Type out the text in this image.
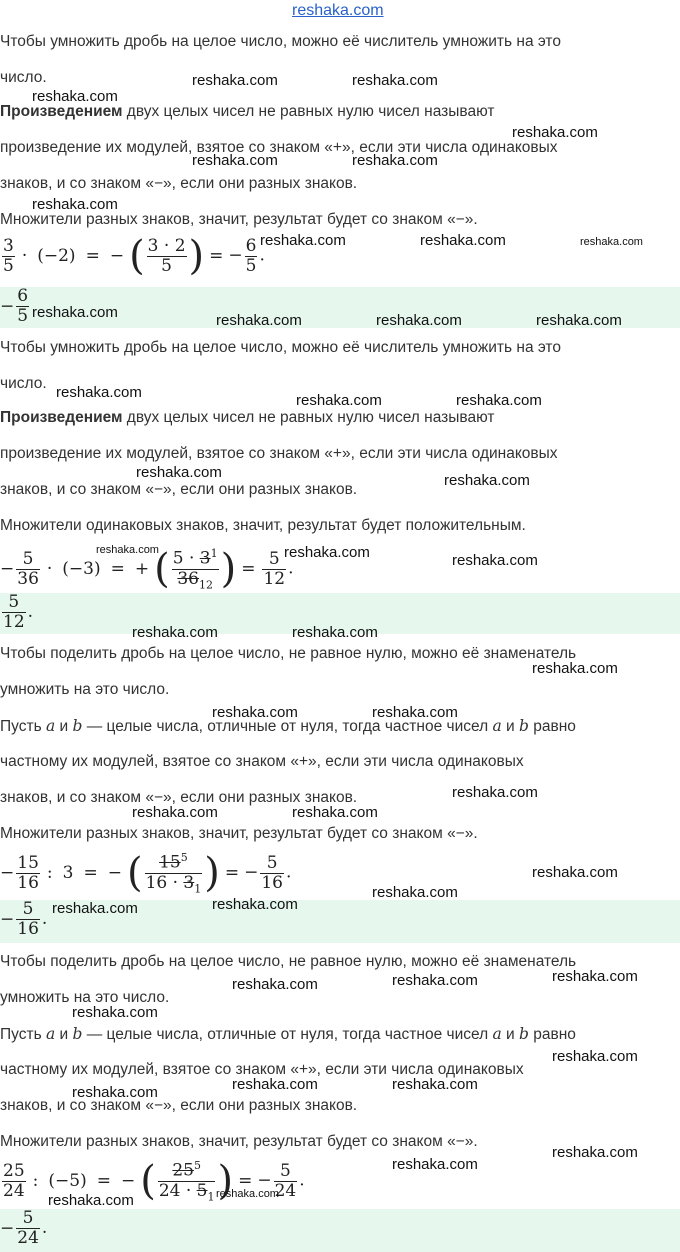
reshaka.com
Чтобы умножить дробь на целое число, можно её числитель умножить на это
число.
Произведением двух целых чисел не равных нулю чисел называют
произведение их модулей, взятое со знаком «+», если эти числа одинаковых
знаков, и со знаком «−», если они разных знаков.
Множители разных знаков, значит, результат будет со знаком «−».
$\frac{3}{5} \cdot (-2)$ = − ( $\frac{3 \cdot 2}{5}$ ) = − $\frac{6}{5}$ .
− $\frac{6}{5}$
Чтобы умножить дробь на целое число, можно её числитель умножить на это
число.
Произведением двух целых чисел не равных нулю чисел называют
произведение их модулей, взятое со знаком «+», если эти числа одинаковых
знаков, и со знаком «−», если они разных знаков.
Множители одинаковых знаков, значит, результат будет положительным.
− $\frac{5}{36} \cdot (-3)$ = + ( $\frac{5 \cdot 3^1}{36_{12}}$ ) = $\frac{5}{12}$ .
$\frac{5}{12}$ .
Чтобы поделить дробь на целое число, не равное нулю, можно её знаменатель
умножить на это число.
Пусть a и b — целые числа, отличные от нуля, тогда частное чисел a и b равно
частному их модулей, взятое со знаком «+», если эти числа одинаковых
знаков, и со знаком «−», если они разных знаков.
Множители разных знаков, значит, результат будет со знаком «−».
− $\frac{15}{16}$ : 3 = − ( $\frac{15^5}{16 \cdot 3_1}$ ) = − $\frac{5}{16}$ .
− $\frac{5}{16}$ .
Чтобы поделить дробь на целое число, не равное нулю, можно её знаменатель
умножить на это число.
Пусть a и b — целые числа, отличные от нуля, тогда частное чисел a и b равно
частному их модулей, взятое со знаком «+», если эти числа одинаковых
знаков, и со знаком «−», если они разных знаков.
Множители разных знаков, значит, результат будет со знаком «−».
$\frac{25}{24}$ : (−5) = − ( $\frac{25^5}{24 \cdot 5_1}$ ) = − $\frac{5}{24}$ .
− $\frac{5}{24}$ .
reshaka.com	reshaka.com
reshaka.com
reshaka.com
reshaka.com	reshaka.com
reshaka.com
reshaka.com	reshaka.com	reshaka.com
reshaka.com	reshaka.com	reshaka.com	reshaka.com
reshaka.com	reshaka.com	reshaka.com
reshaka.com	reshaka.com
reshaka.com	reshaka.com	reshaka.com
reshaka.com	reshaka.com
reshaka.com
reshaka.com	reshaka.com
reshaka.com
reshaka.com	reshaka.com
reshaka.com
reshaka.com
reshaka.com	reshaka.com
reshaka.com
reshaka.com
reshaka.com
reshaka.com
reshaka.com
reshaka.com	reshaka.com
reshaka.com
reshaka.com
reshaka.com
reshaka.com	reshaka.com
